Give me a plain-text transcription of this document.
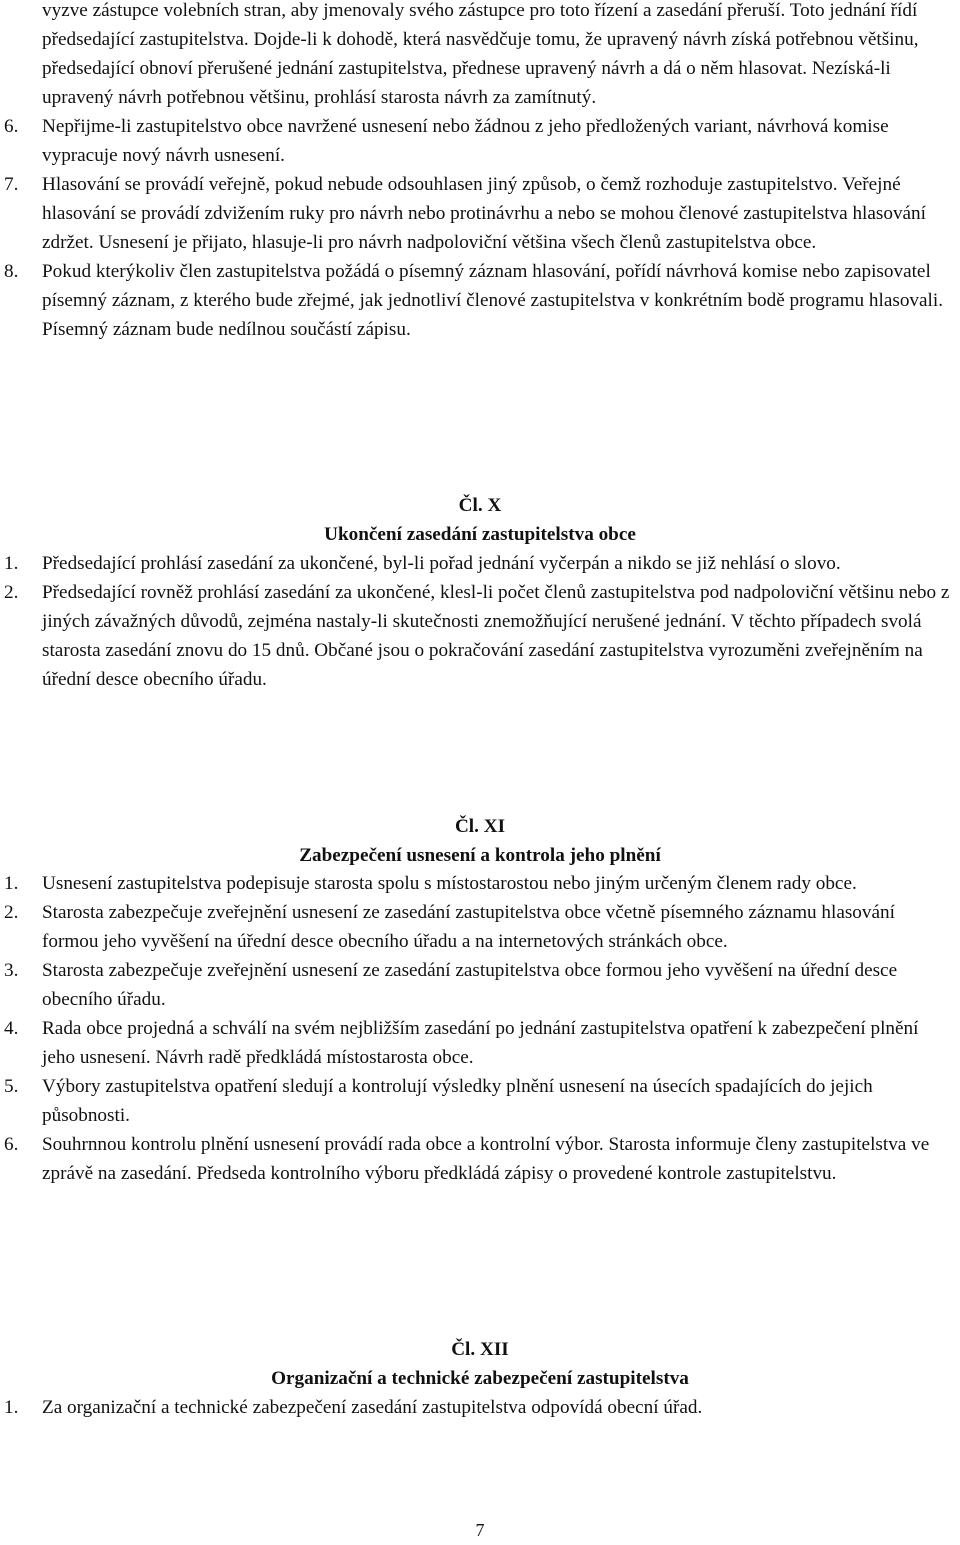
vyzve zástupce volebních stran, aby jmenovaly svého zástupce pro toto řízení a zasedání přeruší. Toto jednání řídí předsedající zastupitelstva. Dojde-li k dohodě, která nasvědčuje tomu, že upravený návrh získá potřebnou většinu, předsedající obnoví přerušené jednání zastupitelstva, přednese upravený návrh a dá o něm hlasovat. Nezíská-li upravený návrh potřebnou většinu, prohlásí starosta návrh za zamítnutý.
6.	Nepřijme-li zastupitelstvo obce navržené usnesení nebo žádnou z jeho předložených variant, návrhová komise vypracuje nový návrh usnesení.
7.	Hlasování se provádí veřejně, pokud nebude odsouhlasen jiný způsob, o čemž rozhoduje zastupitelstvo. Veřejné hlasování se provádí zdvižením ruky pro návrh nebo protinávrhu a nebo se mohou členové zastupitelstva hlasování zdržet. Usnesení je přijato, hlasuje-li pro návrh nadpoloviční většina všech členů zastupitelstva obce.
8.	Pokud kterýkoliv člen zastupitelstva požádá o písemný záznam hlasování, pořídí návrhová komise nebo zapisovatel písemný záznam, z kterého bude zřejmé, jak jednotliví členové zastupitelstva v konkrétním bodě programu hlasovali. Písemný záznam bude nedílnou součástí zápisu.
Čl. X
Ukončení zasedání zastupitelstva obce
1.	Předsedající prohlásí zasedání za ukončené, byl-li pořad jednání vyčerpán a nikdo se již nehlásí o slovo.
2.	Předsedající rovněž prohlásí zasedání za ukončené, klesl-li počet členů zastupitelstva pod nadpoloviční většinu nebo z jiných závažných důvodů, zejména nastaly-li skutečnosti znemožňující nerušené jednání. V těchto případech svolá starosta zasedání znovu do 15 dnů. Občané jsou o pokračování zasedání zastupitelstva vyrozuměni zveřejněním na úřední desce obecního úřadu.
Čl. XI
Zabezpečení usnesení a kontrola jeho plnění
1.	Usnesení zastupitelstva podepisuje starosta spolu s místostarostou nebo jiným určeným členem rady obce.
2.	Starosta zabezpečuje zveřejnění usnesení ze zasedání zastupitelstva obce včetně písemného záznamu hlasování formou jeho vyvěšení na úřední desce obecního úřadu a na internetových stránkách obce.
3.	Starosta zabezpečuje zveřejnění usnesení ze zasedání zastupitelstva obce formou jeho vyvěšení na úřední desce obecního úřadu.
4.	Rada obce projedná a schválí na svém nejbližším zasedání po jednání zastupitelstva opatření k zabezpečení plnění jeho usnesení. Návrh radě předkládá místostarosta obce.
5.	Výbory zastupitelstva opatření sledují a kontrolují výsledky plnění usnesení na úsecích spadajících do jejich působnosti.
6.	Souhrnnou kontrolu plnění usnesení provádí rada obce a kontrolní výbor. Starosta informuje členy zastupitelstva ve zprávě na zasedání. Předseda kontrolního výboru předkládá zápisy o provedené kontrole zastupitelstvu.
Čl. XII
Organizační a technické zabezpečení zastupitelstva
1.	Za organizační a technické zabezpečení zasedání zastupitelstva odpovídá obecní úřad.
7
